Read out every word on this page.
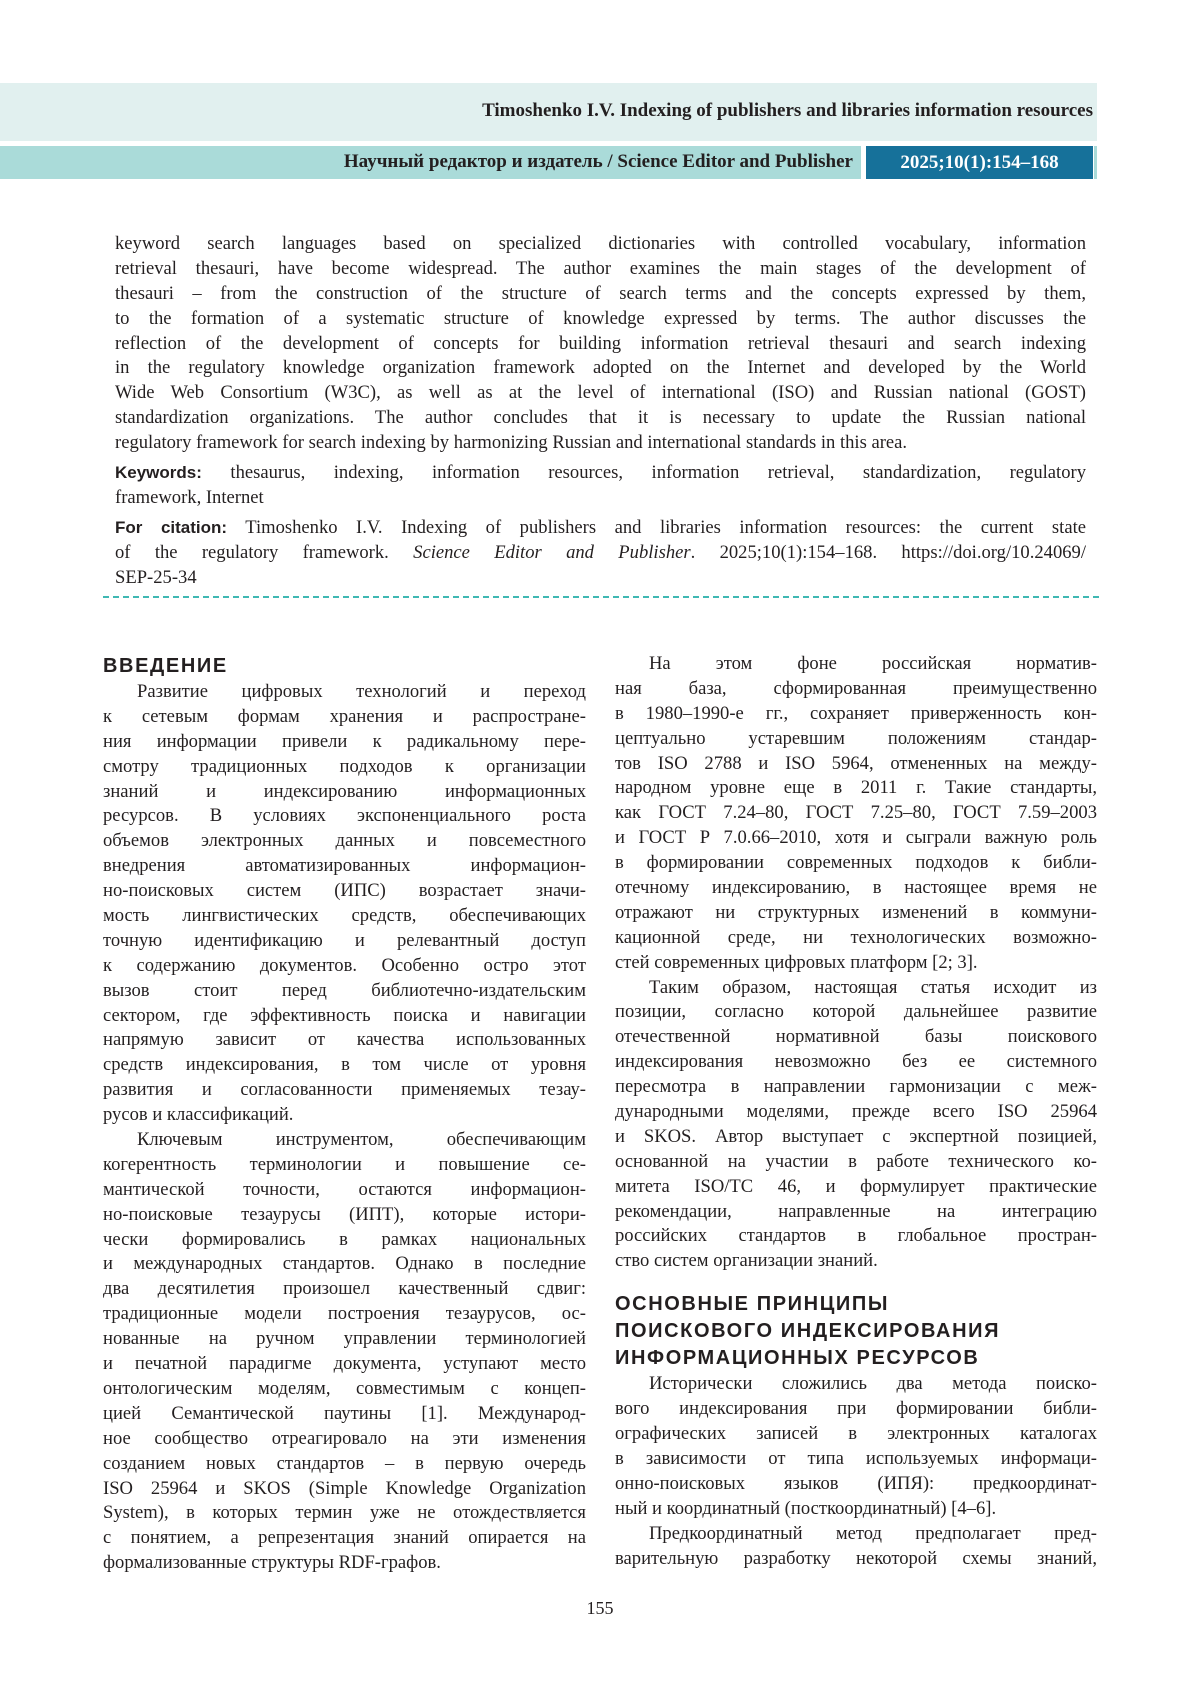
Timoshenko I.V. Indexing of publishers and libraries information resources
Научный редактор и издатель / Science Editor and Publisher	2025;10(1):154–168
keyword search languages based on specialized dictionaries with controlled vocabulary, information
retrieval thesauri, have become widespread. The author examines the main stages of the development of
thesauri – from the construction of the structure of search terms and the concepts expressed by them,
to the formation of a systematic structure of knowledge expressed by terms. The author discusses the
reflection of the development of concepts for building information retrieval thesauri and search indexing
in the regulatory knowledge organization framework adopted on the Internet and developed by the World
Wide Web Consortium (W3C), as well as at the level of international (ISO) and Russian national (GOST)
standardization organizations. The author concludes that it is necessary to update the Russian national
regulatory framework for search indexing by harmonizing Russian and international standards in this area.
Keywords: thesaurus, indexing, information resources, information retrieval, standardization, regulatory
framework, Internet
For citation: Timoshenko I.V. Indexing of publishers and libraries information resources: the current state
of the regulatory framework. Science Editor and Publisher. 2025;10(1):154–168. https://doi.org/10.24069/
SEP-25-34
ВВЕДЕНИЕ
Развитие цифровых технологий и переход
к сетевым формам хранения и распростране-
ния информации привели к радикальному пере-
смотру традиционных подходов к организации
знаний и индексированию информационных
ресурсов. В условиях экспоненциального роста
объемов электронных данных и повсеместного
внедрения автоматизированных информацион-
но-поисковых систем (ИПС) возрастает значи-
мость лингвистических средств, обеспечивающих
точную идентификацию и релевантный доступ
к содержанию документов. Особенно остро этот
вызов стоит перед библиотечно-издательским
сектором, где эффективность поиска и навигации
напрямую зависит от качества использованных
средств индексирования, в том числе от уровня
развития и согласованности применяемых тезау-
русов и классификаций.
Ключевым инструментом, обеспечивающим
когерентность терминологии и повышение се-
мантической точности, остаются информацион-
но-поисковые тезаурусы (ИПТ), которые истори-
чески формировались в рамках национальных
и международных стандартов. Однако в последние
два десятилетия произошел качественный сдвиг:
традиционные модели построения тезаурусов, ос-
нованные на ручном управлении терминологией
и печатной парадигме документа, уступают место
онтологическим моделям, совместимым с концеп-
цией Семантической паутины [1]. Международ-
ное сообщество отреагировало на эти изменения
созданием новых стандартов – в первую очередь
ISO 25964 и SKOS (Simple Knowledge Organization
System), в которых термин уже не отождествляется
с понятием, а репрезентация знаний опирается на
формализованные структуры RDF-графов.
На этом фоне российская норматив-
ная база, сформированная преимущественно
в 1980–1990-е гг., сохраняет приверженность кон-
цептуально устаревшим положениям стандар-
тов ISO 2788 и ISO 5964, отмененных на между-
народном уровне еще в 2011 г. Такие стандарты,
как ГОСТ 7.24–80, ГОСТ 7.25–80, ГОСТ 7.59–2003
и ГОСТ Р 7.0.66–2010, хотя и сыграли важную роль
в формировании современных подходов к библи-
отечному индексированию, в настоящее время не
отражают ни структурных изменений в коммуни-
кационной среде, ни технологических возможно-
стей современных цифровых платформ [2; 3].
Таким образом, настоящая статья исходит из
позиции, согласно которой дальнейшее развитие
отечественной нормативной базы поискового
индексирования невозможно без ее системного
пересмотра в направлении гармонизации с меж-
дународными моделями, прежде всего ISO 25964
и SKOS. Автор выступает с экспертной позицией,
основанной на участии в работе технического ко-
митета ISO/TC 46, и формулирует практические
рекомендации, направленные на интеграцию
российских стандартов в глобальное простран-
ство систем организации знаний.
ОСНОВНЫЕ ПРИНЦИПЫ
ПОИСКОВОГО ИНДЕКСИРОВАНИЯ
ИНФОРМАЦИОННЫХ РЕСУРСОВ
Исторически сложились два метода поиско-
вого индексирования при формировании библи-
ографических записей в электронных каталогах
в зависимости от типа используемых информаци-
онно-поисковых языков (ИПЯ): предкоординат-
ный и координатный (посткоординатный) [4–6].
Предкоординатный метод предполагает пред-
варительную разработку некоторой схемы знаний,
155
